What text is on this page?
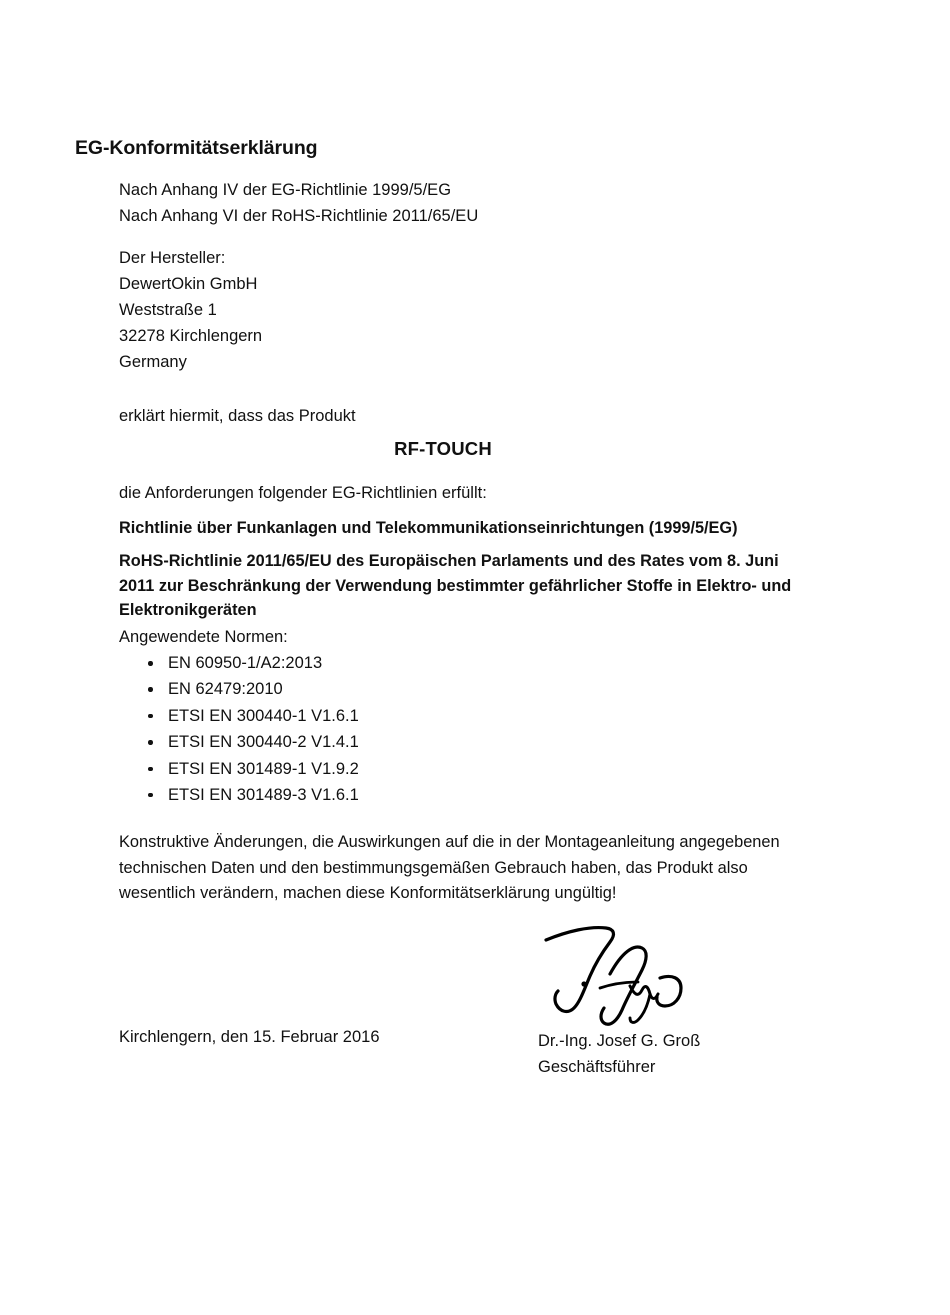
EG-Konformitätserklärung
Nach Anhang IV der EG-Richtlinie 1999/5/EG
Nach Anhang VI der RoHS-Richtlinie 2011/65/EU
Der Hersteller:
DewertOkin GmbH
Weststraße 1
32278 Kirchlengern
Germany
erklärt hiermit, dass das Produkt
RF-TOUCH
die Anforderungen folgender EG-Richtlinien erfüllt:
Richtlinie über Funkanlagen und Telekommunikationseinrichtungen (1999/5/EG)
RoHS-Richtlinie 2011/65/EU des Europäischen Parlaments und des Rates vom 8. Juni 2011 zur Beschränkung der Verwendung bestimmter gefährlicher Stoffe in Elektro- und Elektronikgeräten
Angewendete Normen:
EN 60950-1/A2:2013
EN 62479:2010
ETSI EN 300440-1 V1.6.1
ETSI EN 300440-2 V1.4.1
ETSI EN 301489-1 V1.9.2
ETSI EN 301489-3 V1.6.1
Konstruktive Änderungen, die Auswirkungen auf die in der Montageanleitung angegebenen technischen Daten und den bestimmungsgemäßen Gebrauch haben, das Produkt also wesentlich verändern, machen diese Konformitätserklärung ungültig!
Kirchlengern, den 15. Februar 2016	Dr.-Ing. Josef G. Groß
Geschäftsführer
